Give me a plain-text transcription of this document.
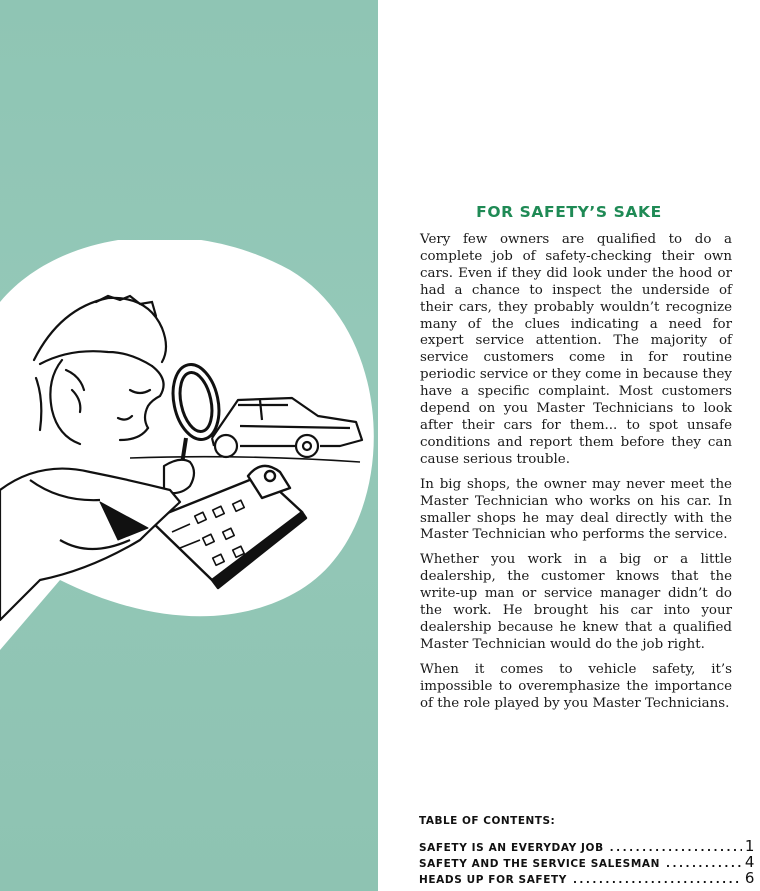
FOR SAFETY’S SAKE

Very few owners are qualified to do a complete job of safety-checking their own cars. Even if they did look under the hood or had a chance to inspect the underside of their cars, they probably wouldn’t recognize many of the clues indicating a need for expert service attention. The majority of service customers come in for routine periodic service or they come in because they have a specific complaint. Most customers depend on you Master Technicians to look after their cars for them... to spot unsafe conditions and report them before they can cause serious trouble.

In big shops, the owner may never meet the Master Technician who works on his car. In smaller shops he may deal directly with the Master Technician who performs the service.

Whether you work in a big or a little dealership, the customer knows that the write-up man or service manager didn’t do the work. He brought his car into your dealership because he knew that a qualified Master Technician would do the job right.

When it comes to vehicle safety, it’s impossible to overemphasize the importance of the role played by you Master Technicians.

TABLE OF CONTENTS:
SAFETY IS AN EVERYDAY JOB .....	1
SAFETY AND THE SERVICE SALESMAN .....	4
HEADS UP FOR SAFETY .....	6
